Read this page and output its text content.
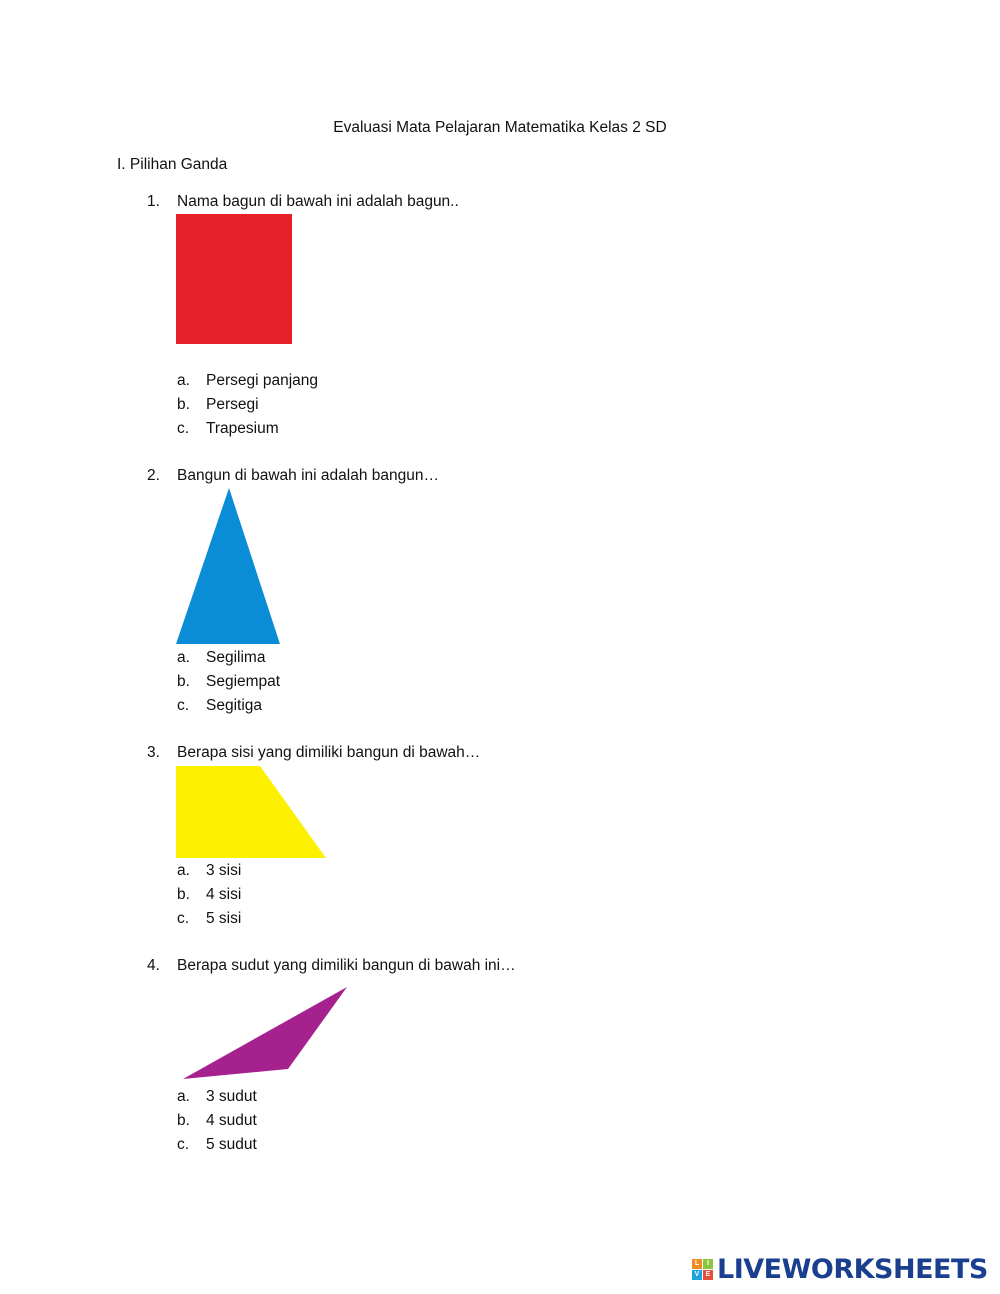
Evaluasi Mata Pelajaran Matematika Kelas 2 SD
I. Pilihan Ganda
1. Nama bagun di bawah ini adalah bagun..
a. Persegi panjang
b. Persegi
c. Trapesium
2. Bangun di bawah ini adalah bangun…
a. Segilima
b. Segiempat
c. Segitiga
3. Berapa sisi yang dimiliki bangun di bawah…
a. 3 sisi
b. 4 sisi
c. 5 sisi
4. Berapa sudut yang dimiliki bangun di bawah ini…
a. 3 sudut
b. 4 sudut
c. 5 sudut
L	I
V E LIVEWORKSHEETS
